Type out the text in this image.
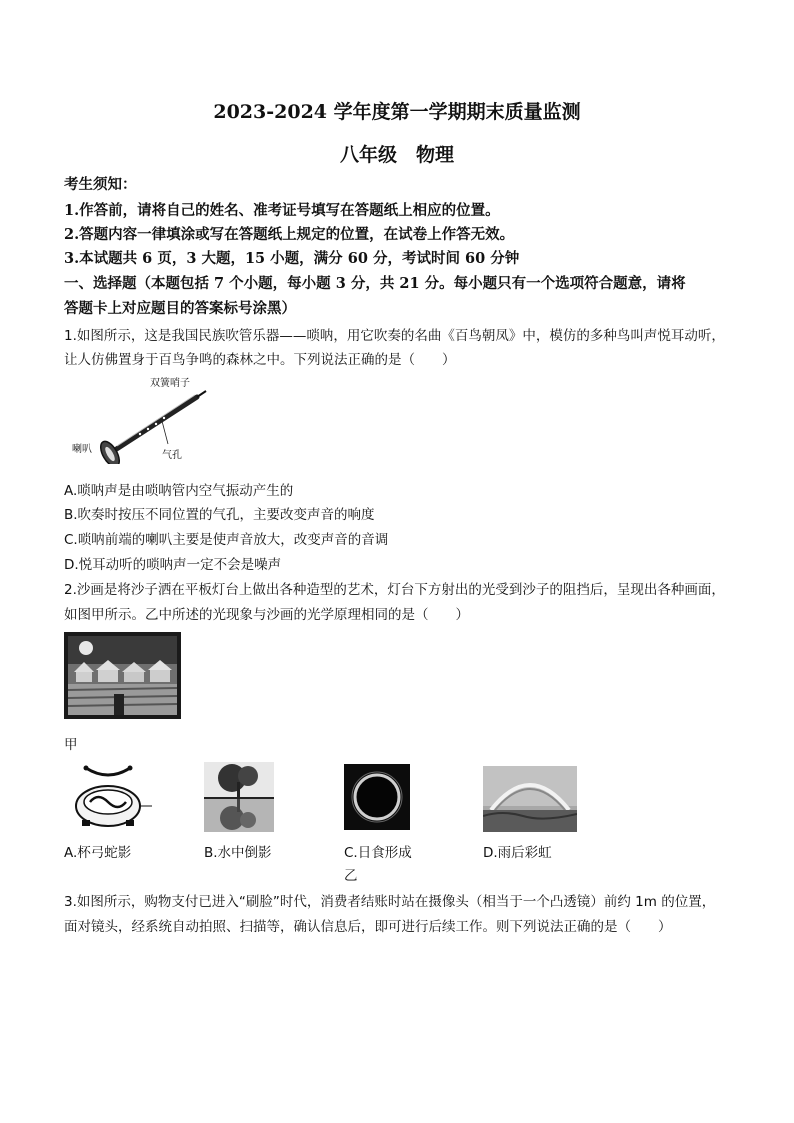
2023-2024 学年度第一学期期末质量监测
八年级　物理
考生须知：
1.作答前，请将自己的姓名、准考证号填写在答题纸上相应的位置。
2.答题内容一律填涂或写在答题纸上规定的位置，在试卷上作答无效。
3.本试题共 6 页，3 大题，15 小题，满分 60 分，考试时间 60 分钟
一、选择题（本题包括 7 个小题，每小题 3 分，共 21 分。每小题只有一个选项符合题意，请将
答题卡上对应题目的答案标号涂黑）
1.如图所示，这是我国民族吹管乐器——唢呐，用它吹奏的名曲《百鸟朝凤》中，模仿的多种鸟叫声悦耳动听，
让人仿佛置身于百鸟争鸣的森林之中。下列说法正确的是（　　）
双簧哨子
喇叭
气孔
A.唢呐声是由唢呐管内空气振动产生的
B.吹奏时按压不同位置的气孔，主要改变声音的响度
C.唢呐前端的喇叭主要是使声音放大，改变声音的音调
D.悦耳动听的唢呐声一定不会是噪声
2.沙画是将沙子洒在平板灯台上做出各种造型的艺术，灯台下方射出的光受到沙子的阻挡后，呈现出各种画面，
如图甲所示。乙中所述的光现象与沙画的光学原理相同的是（　　）
甲
A.杯弓蛇影	B.水中倒影	C.日食形成	D.雨后彩虹
乙
3.如图所示，购物支付已进入“刷脸”时代，消费者结账时站在摄像头（相当于一个凸透镜）前约 1m 的位置，
面对镜头，经系统自动拍照、扫描等，确认信息后，即可进行后续工作。则下列说法正确的是（　　）
